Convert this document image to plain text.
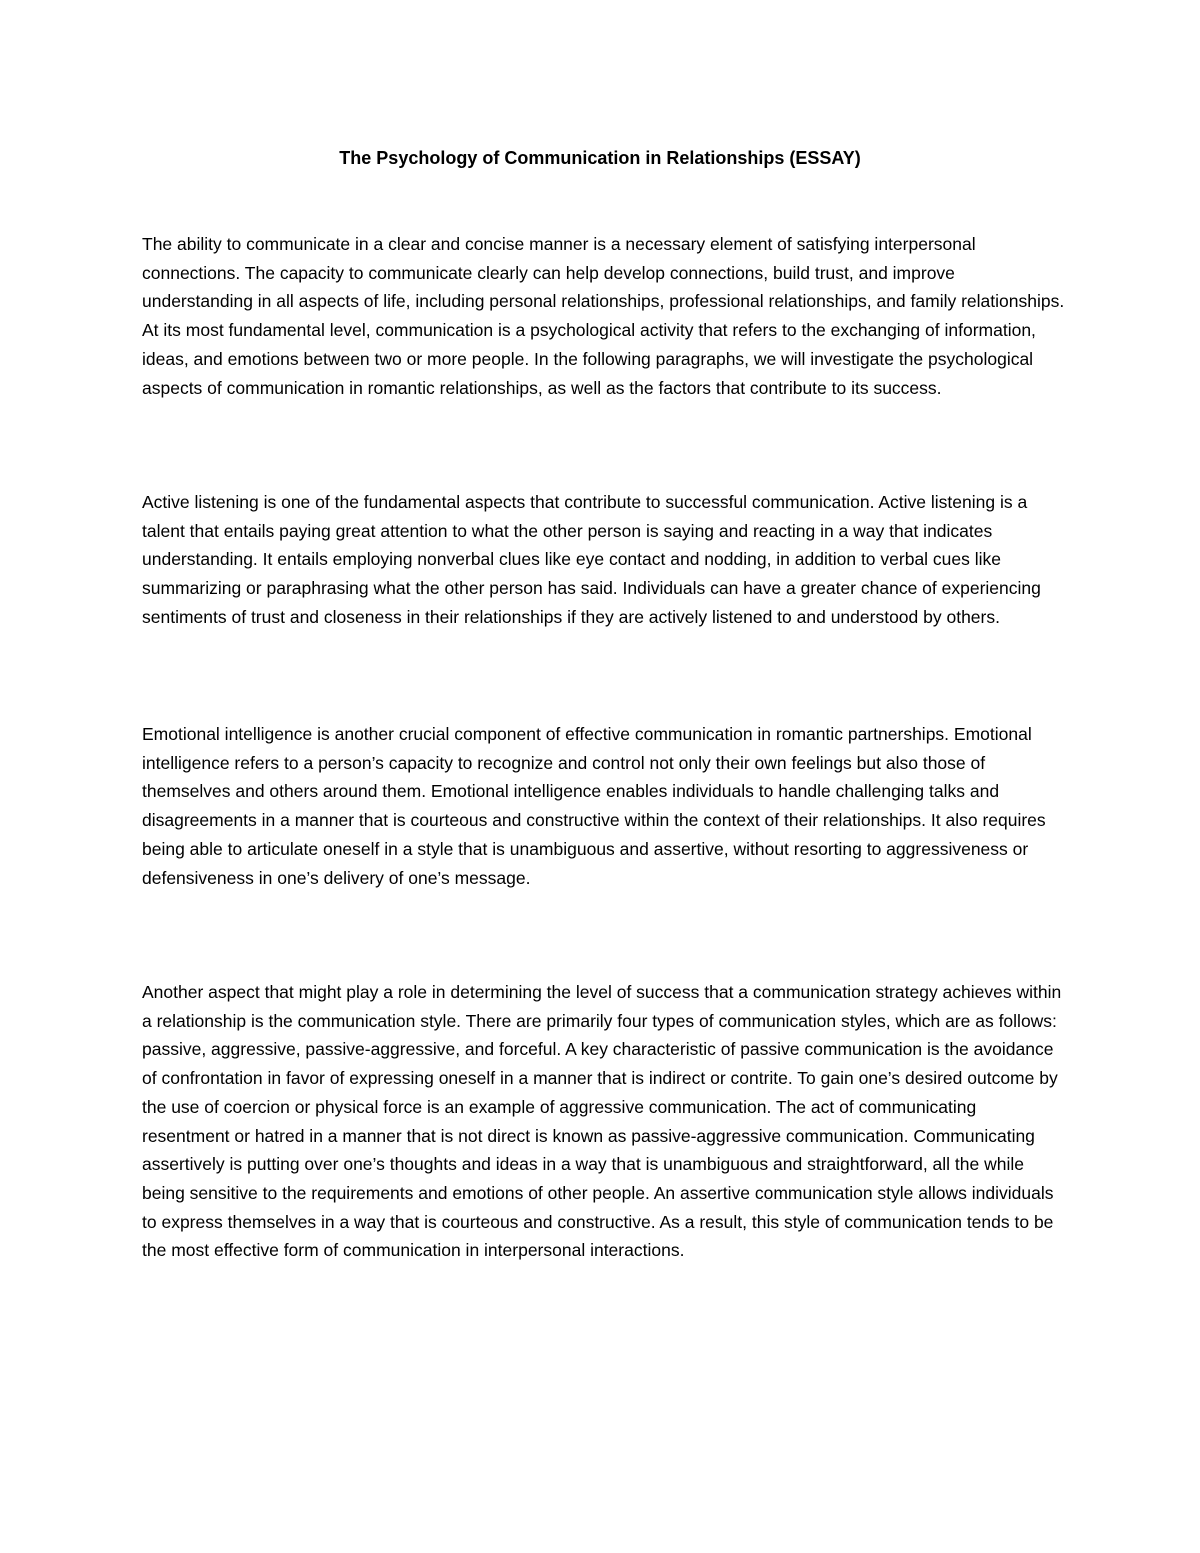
The Psychology of Communication in Relationships (ESSAY)

The ability to communicate in a clear and concise manner is a necessary element of satisfying interpersonal connections. The capacity to communicate clearly can help develop connections, build trust, and improve understanding in all aspects of life, including personal relationships, professional relationships, and family relationships. At its most fundamental level, communication is a psychological activity that refers to the exchanging of information, ideas, and emotions between two or more people. In the following paragraphs, we will investigate the psychological aspects of communication in romantic relationships, as well as the factors that contribute to its success.

Active listening is one of the fundamental aspects that contribute to successful communication. Active listening is a talent that entails paying great attention to what the other person is saying and reacting in a way that indicates understanding. It entails employing nonverbal clues like eye contact and nodding, in addition to verbal cues like summarizing or paraphrasing what the other person has said. Individuals can have a greater chance of experiencing sentiments of trust and closeness in their relationships if they are actively listened to and understood by others.

Emotional intelligence is another crucial component of effective communication in romantic partnerships. Emotional intelligence refers to a person’s capacity to recognize and control not only their own feelings but also those of themselves and others around them. Emotional intelligence enables individuals to handle challenging talks and disagreements in a manner that is courteous and constructive within the context of their relationships. It also requires being able to articulate oneself in a style that is unambiguous and assertive, without resorting to aggressiveness or defensiveness in one’s delivery of one’s message.

Another aspect that might play a role in determining the level of success that a communication strategy achieves within a relationship is the communication style. There are primarily four types of communication styles, which are as follows: passive, aggressive, passive-aggressive, and forceful. A key characteristic of passive communication is the avoidance of confrontation in favor of expressing oneself in a manner that is indirect or contrite. To gain one’s desired outcome by the use of coercion or physical force is an example of aggressive communication. The act of communicating resentment or hatred in a manner that is not direct is known as passive-aggressive communication. Communicating assertively is putting over one’s thoughts and ideas in a way that is unambiguous and straightforward, all the while being sensitive to the requirements and emotions of other people. An assertive communication style allows individuals to express themselves in a way that is courteous and constructive. As a result, this style of communication tends to be the most effective form of communication in interpersonal interactions.
